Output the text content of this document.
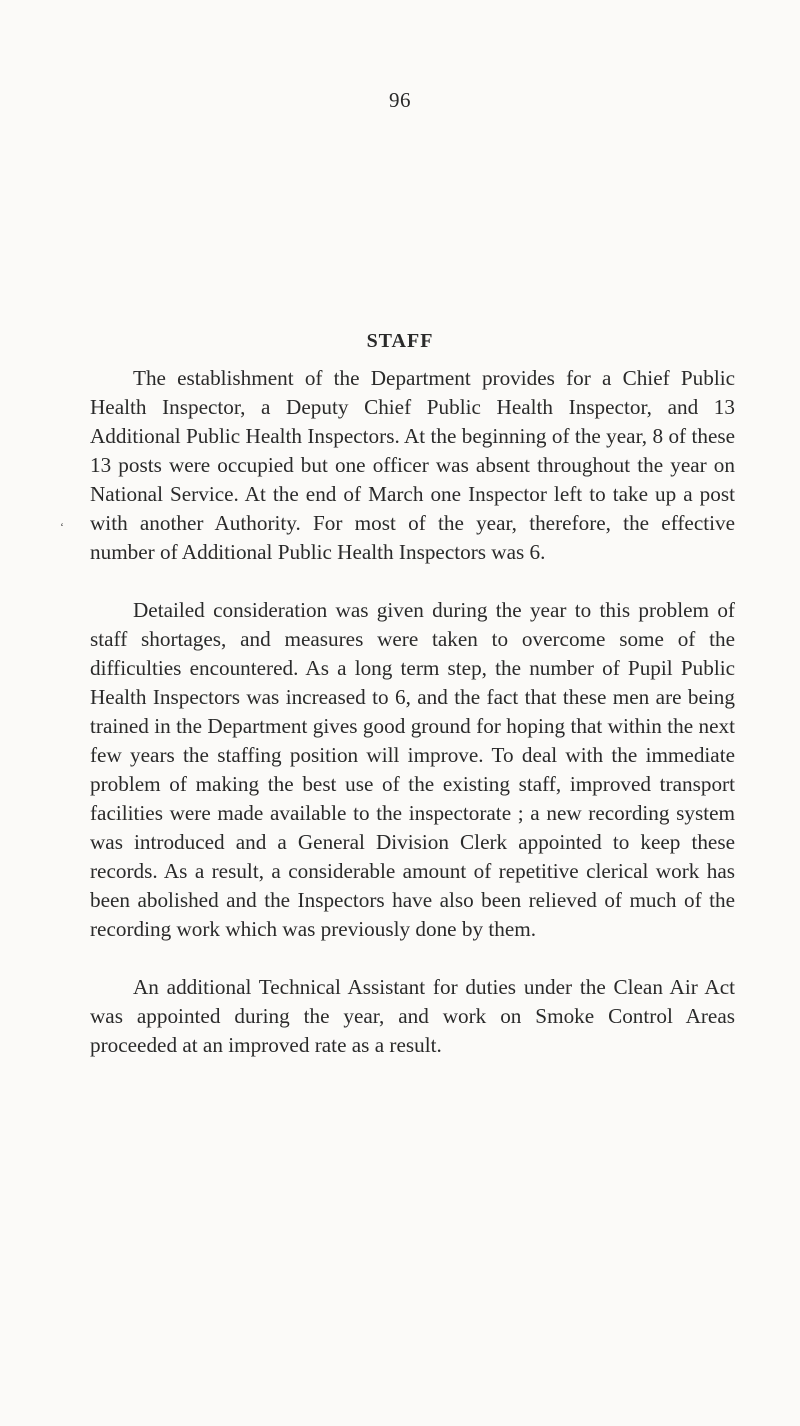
96
STAFF
‘

The establishment of the Department provides for a Chief Public Health Inspector, a Deputy Chief Public Health Inspector, and 13 Additional Public Health Inspectors. At the beginning of the year, 8 of these 13 posts were occupied but one officer was absent throughout the year on National Service. At the end of March one Inspector left to take up a post with another Authority. For most of the year, therefore, the effective number of Additional Public Health Inspectors was 6.

Detailed consideration was given during the year to this problem of staff shortages, and measures were taken to overcome some of the difficulties encountered. As a long term step, the number of Pupil Public Health Inspectors was increased to 6, and the fact that these men are being trained in the Department gives good ground for hoping that within the next few years the staffing position will improve. To deal with the immediate problem of making the best use of the existing staff, improved transport facilities were made available to the inspectorate ; a new recording system was introduced and a General Division Clerk appointed to keep these records. As a result, a considerable amount of repetitive clerical work has been abolished and the Inspectors have also been relieved of much of the recording work which was previously done by them.

An additional Technical Assistant for duties under the Clean Air Act was appointed during the year, and work on Smoke Control Areas proceeded at an improved rate as a result.
